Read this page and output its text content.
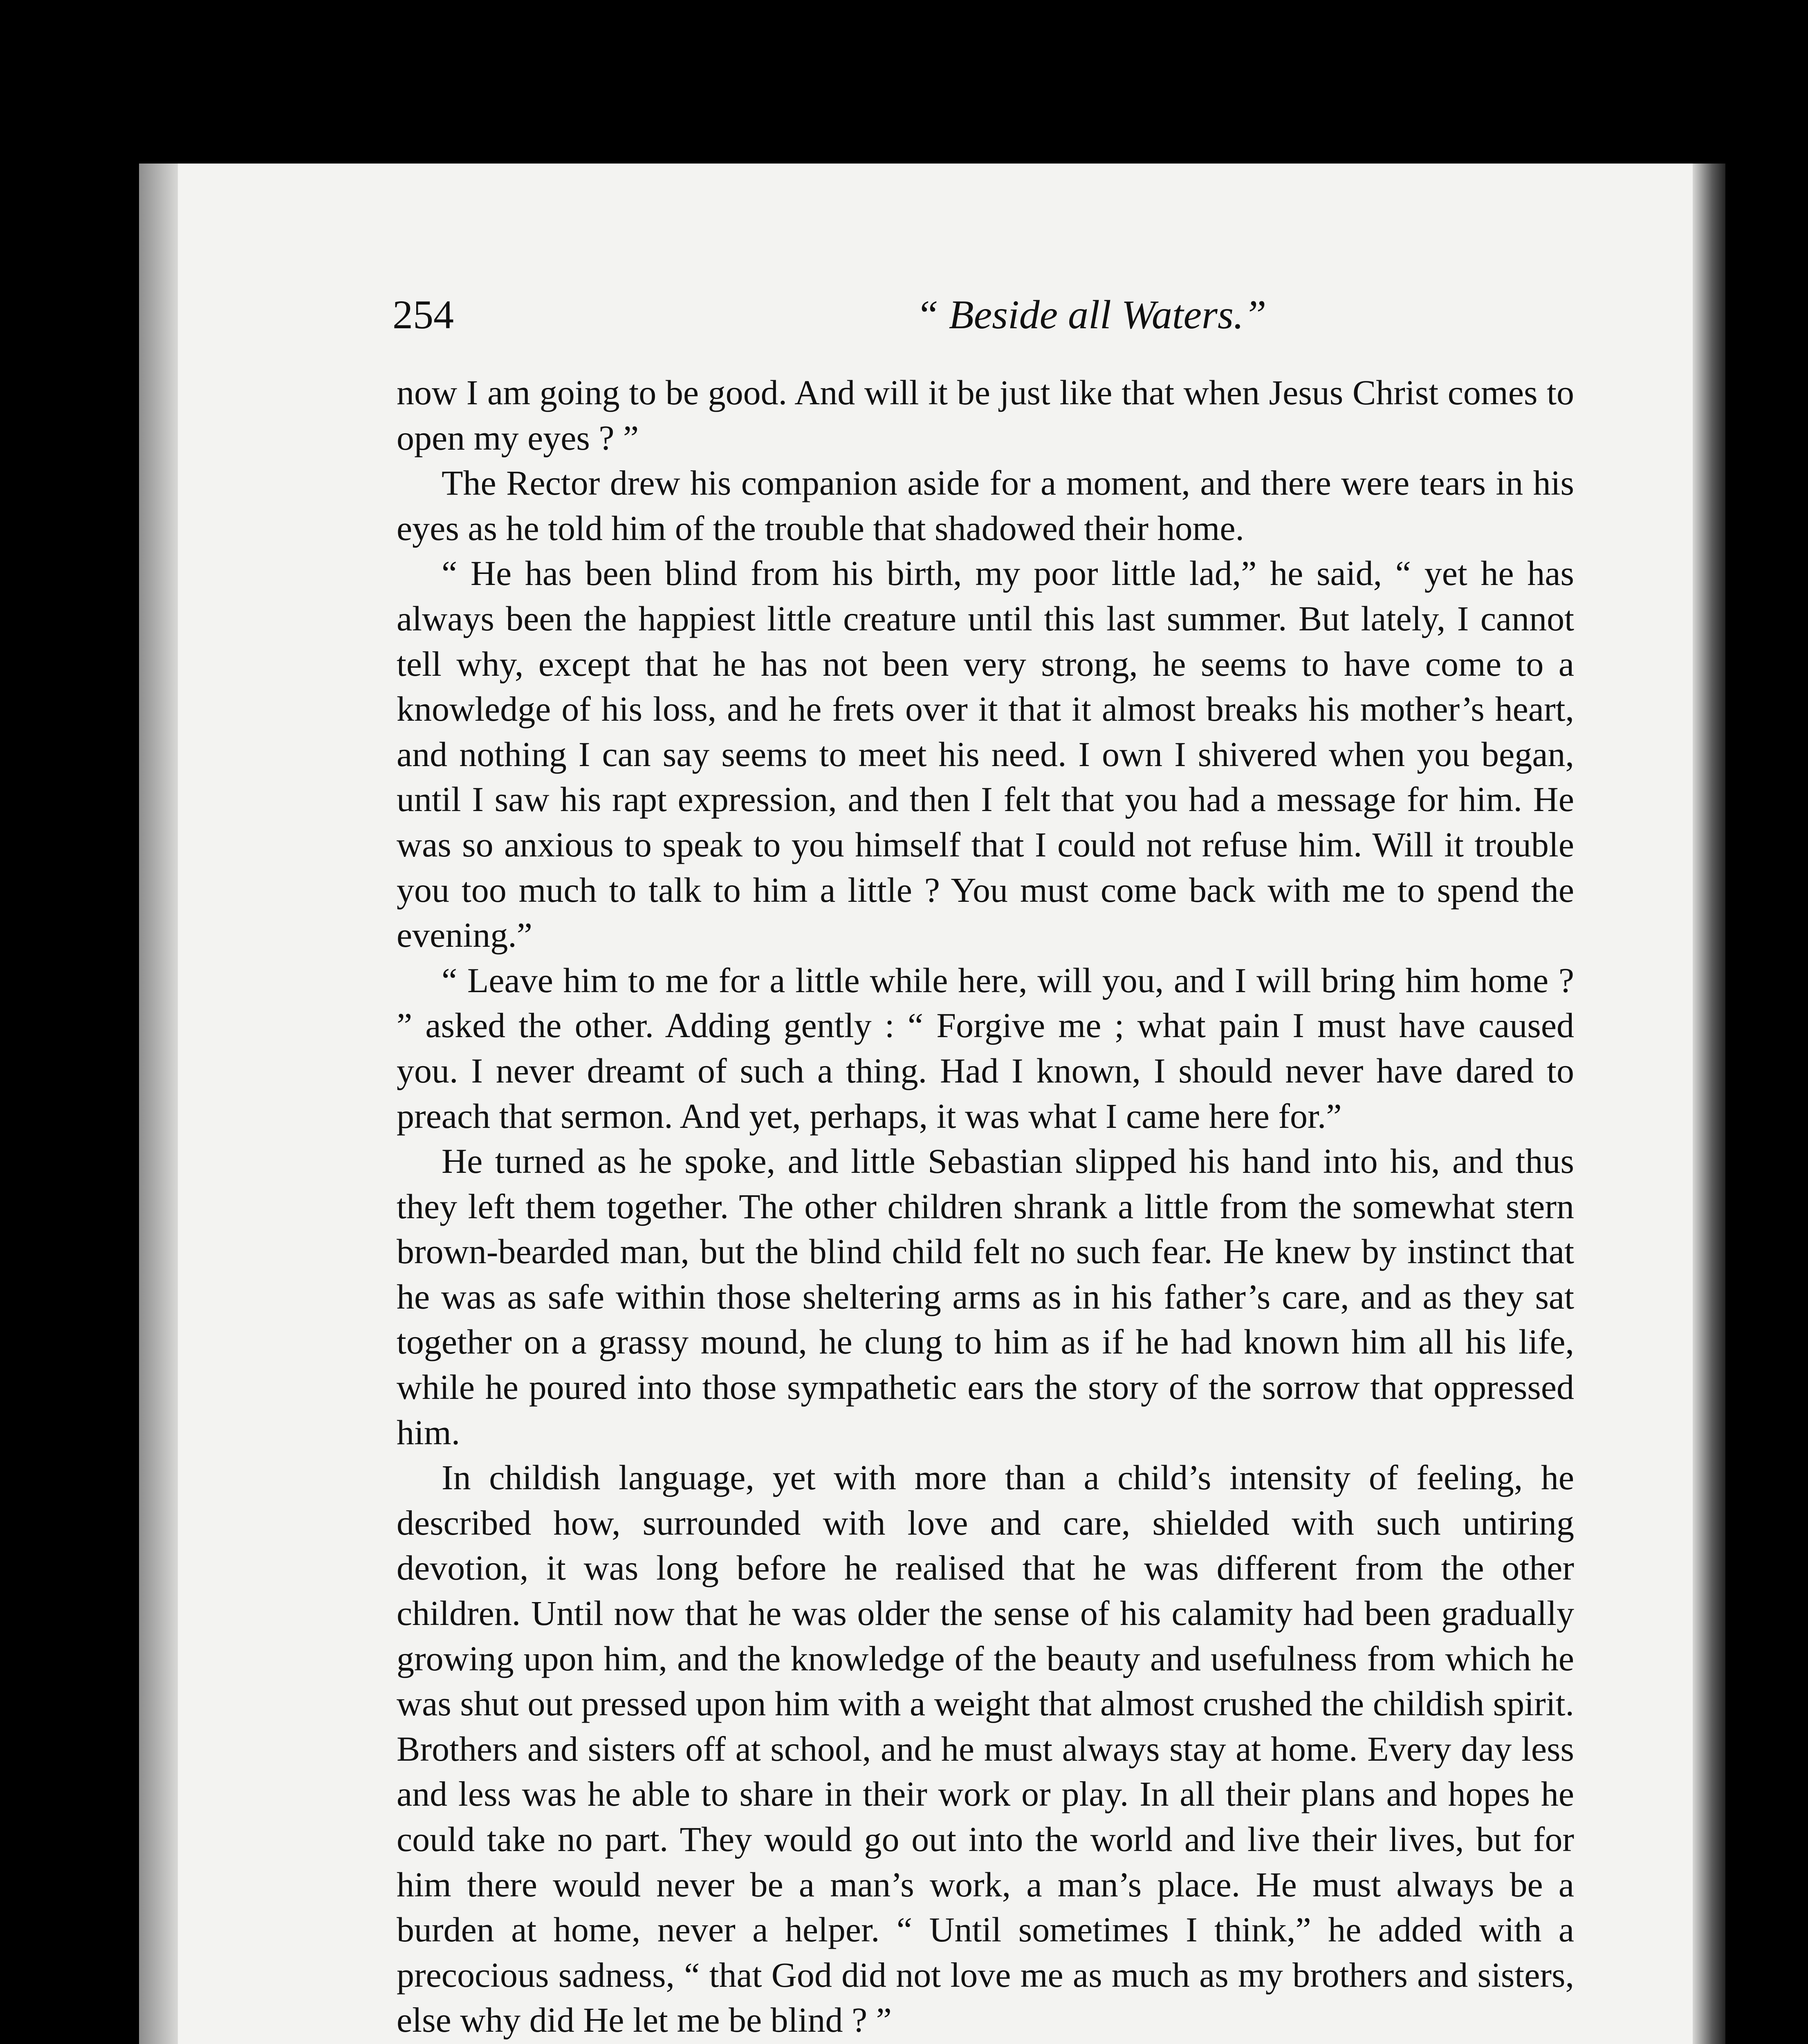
254	“ Beside all Waters.”

now I am going to be good. And will it be just like that when Jesus Christ comes to open my eyes ? ”

The Rector drew his companion aside for a moment, and there were tears in his eyes as he told him of the trouble that shadowed their home.

“ He has been blind from his birth, my poor little lad,” he said, “ yet he has always been the happiest little creature until this last summer. But lately, I cannot tell why, except that he has not been very strong, he seems to have come to a knowledge of his loss, and he frets over it that it almost breaks his mother’s heart, and nothing I can say seems to meet his need. I own I shivered when you began, until I saw his rapt expression, and then I felt that you had a message for him. He was so anxious to speak to you himself that I could not refuse him. Will it trouble you too much to talk to him a little ? You must come back with me to spend the evening.”

“ Leave him to me for a little while here, will you, and I will bring him home ? ” asked the other. Adding gently : “ Forgive me ; what pain I must have caused you. I never dreamt of such a thing. Had I known, I should never have dared to preach that sermon. And yet, perhaps, it was what I came here for.”

He turned as he spoke, and little Sebastian slipped his hand into his, and thus they left them together. The other children shrank a little from the somewhat stern brown-bearded man, but the blind child felt no such fear. He knew by instinct that he was as safe within those sheltering arms as in his father’s care, and as they sat together on a grassy mound, he clung to him as if he had known him all his life, while he poured into those sympathetic ears the story of the sorrow that oppressed him.

In childish language, yet with more than a child’s intensity of feeling, he described how, surrounded with love and care, shielded with such untiring devotion, it was long before he realised that he was different from the other children. Until now that he was older the sense of his calamity had been gradually growing upon him, and the knowledge of the beauty and usefulness from which he was shut out pressed upon him with a weight that almost crushed the childish spirit. Brothers and sisters off at school, and he must always stay at home. Every day less and less was he able to share in their work or play. In all their plans and hopes he could take no part. They would go out into the world and live their lives, but for him there would never be a man’s work, a man’s place. He must always be a burden at home, never a helper. “ Until sometimes I think,” he added with a precocious sadness, “ that God did not love me as much as my brothers and sisters, else why did He let me be blind ? ”
